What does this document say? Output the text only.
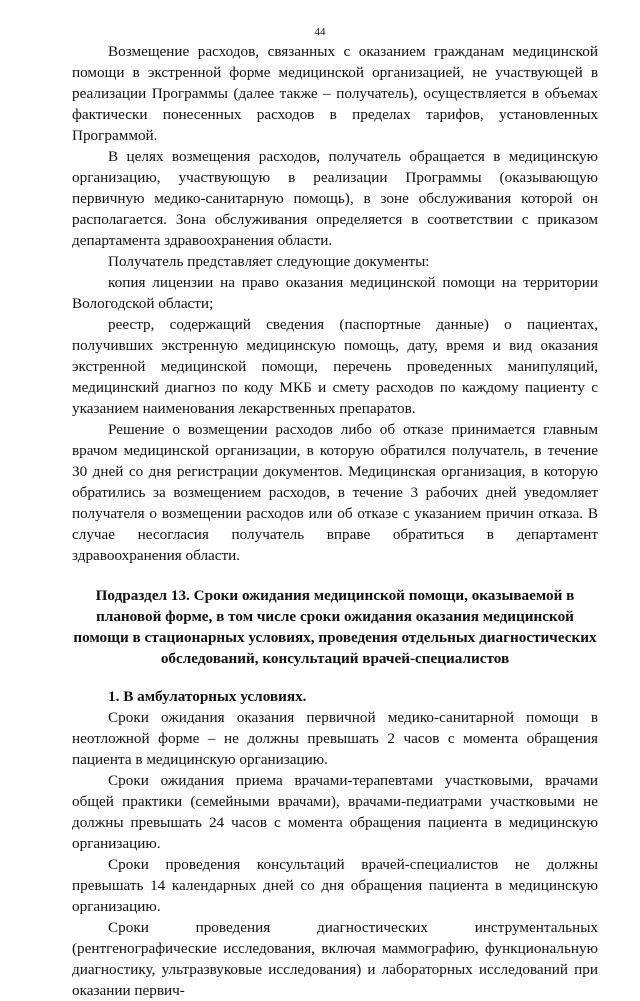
44

Возмещение расходов, связанных с оказанием гражданам медицинской помощи в экстренной форме медицинской организацией, не участвующей в реализации Программы (далее также – получатель), осуществляется в объемах фактически понесенных расходов в пределах тарифов, установленных Программой.

В целях возмещения расходов, получатель обращается в медицинскую организацию, участвующую в реализации Программы (оказывающую первичную медико-санитарную помощь), в зоне обслуживания которой он располагается. Зона обслуживания определяется в соответствии с приказом департамента здравоохранения области.

Получатель представляет следующие документы:

копия лицензии на право оказания медицинской помощи на территории Вологодской области;

реестр, содержащий сведения (паспортные данные) о пациентах, получивших экстренную медицинскую помощь, дату, время и вид оказания экстренной медицинской помощи, перечень проведенных манипуляций, медицинский диагноз по коду МКБ и смету расходов по каждому пациенту с указанием наименования лекарственных препаратов.

Решение о возмещении расходов либо об отказе принимается главным врачом медицинской организации, в которую обратился получатель, в течение 30 дней со дня регистрации документов. Медицинская организация, в которую обратились за возмещением расходов, в течение 3 рабочих дней уведомляет получателя о возмещении расходов или об отказе с указанием причин отказа. В случае несогласия получатель вправе обратиться в департамент здравоохранения области.

Подраздел 13. Сроки ожидания медицинской помощи, оказываемой в плановой форме, в том числе сроки ожидания оказания медицинской помощи в стационарных условиях, проведения отдельных диагностических обследований, консультаций врачей-специалистов

1. В амбулаторных условиях.

Сроки ожидания оказания первичной медико-санитарной помощи в неотложной форме – не должны превышать 2 часов с момента обращения пациента в медицинскую организацию.

Сроки ожидания приема врачами-терапевтами участковыми, врачами общей практики (семейными врачами), врачами-педиатрами участковыми не должны превышать 24 часов с момента обращения пациента в медицинскую организацию.

Сроки проведения консультаций врачей-специалистов не должны превышать 14 календарных дней со дня обращения пациента в медицинскую организацию.

Сроки проведения диагностических инструментальных (рентгенографические исследования, включая маммографию, функциональную диагностику, ультразвуковые исследования) и лабораторных исследований при оказании первич-
